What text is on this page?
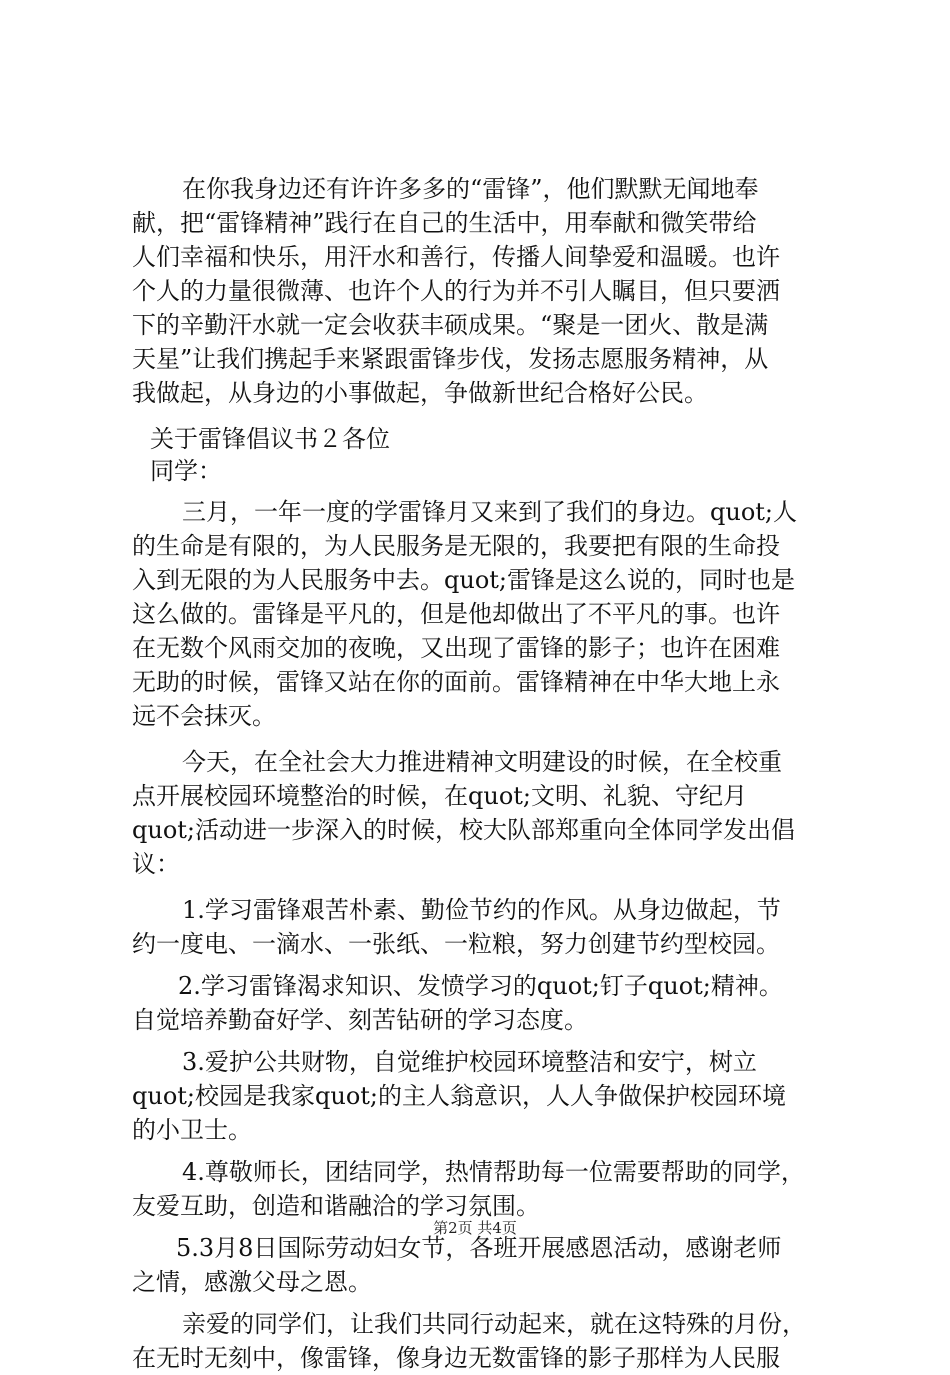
在你我身边还有许许多多的“雷锋”，他们默默无闻地奉
献，把“雷锋精神”践行在自己的生活中，用奉献和微笑带给
人们幸福和快乐，用汗水和善行，传播人间挚爱和温暖。也许
个人的力量很微薄、也许个人的行为并不引人瞩目，但只要洒
下的辛勤汗水就一定会收获丰硕成果。“聚是一团火、散是满
天星”让我们携起手来紧跟雷锋步伐，发扬志愿服务精神，从
我做起，从身边的小事做起，争做新世纪合格好公民。
关于雷锋倡议书２各位
同学：
三月，一年一度的学雷锋月又来到了我们的身边。quot;人
的生命是有限的，为人民服务是无限的，我要把有限的生命投
入到无限的为人民服务中去。quot;雷锋是这么说的，同时也是
这么做的。雷锋是平凡的，但是他却做出了不平凡的事。也许
在无数个风雨交加的夜晚，又出现了雷锋的影子；也许在困难
无助的时候，雷锋又站在你的面前。雷锋精神在中华大地上永
远不会抹灭。
今天，在全社会大力推进精神文明建设的时候，在全校重
点开展校园环境整治的时候，在quot;文明、礼貌、守纪月
quot;活动进一步深入的时候，校大队部郑重向全体同学发出倡
议：
1.学习雷锋艰苦朴素、勤俭节约的作风。从身边做起，节
约一度电、一滴水、一张纸、一粒粮，努力创建节约型校园。
2.学习雷锋渴求知识、发愤学习的quot;钉子quot;精神。
自觉培养勤奋好学、刻苦钻研的学习态度。
3.爱护公共财物，自觉维护校园环境整洁和安宁，树立
quot;校园是我家quot;的主人翁意识，人人争做保护校园环境
的小卫士。
4.尊敬师长，团结同学，热情帮助每一位需要帮助的同学，
友爱互助，创造和谐融洽的学习氛围。
5.3月8日国际劳动妇女节，各班开展感恩活动，感谢老师
之情，感激父母之恩。
亲爱的同学们，让我们共同行动起来，就在这特殊的月份，
在无时无刻中，像雷锋，像身边无数雷锋的影子那样为人民服
第2页 共4页
